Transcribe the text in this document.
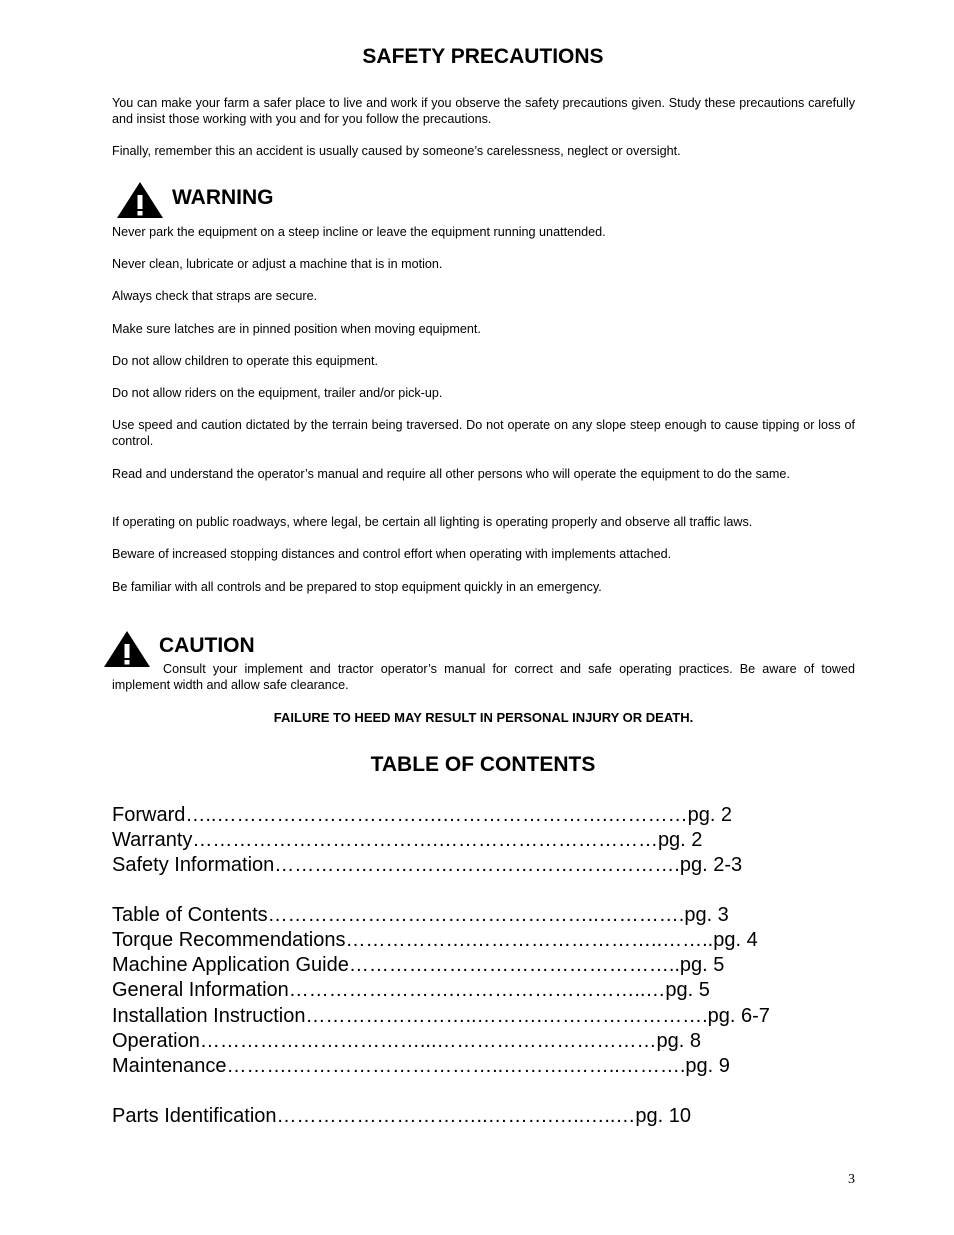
SAFETY PRECAUTIONS
You can make your farm a safer place to live and work if you observe the safety precautions given. Study these precautions carefully and insist those working with you and for you follow the precautions.
Finally, remember this an accident is usually caused by someone’s carelessness, neglect or oversight.
WARNING
Never park the equipment on a steep incline or leave the equipment running unattended.
Never clean, lubricate or adjust a machine that is in motion.
Always check that straps are secure.
Make sure latches are in pinned position when moving equipment.
Do not allow children to operate this equipment.
Do not allow riders on the equipment, trailer and/or pick-up.
Use speed and caution dictated by the terrain being traversed. Do not operate on any slope steep enough to cause tipping or loss of control.
Read and understand the operator’s manual and require all other persons who will operate the equipment to do the same.
If operating on public roadways, where legal, be certain all lighting is operating properly and observe all traffic laws.
Beware of increased stopping distances and control effort when operating with implements attached.
Be familiar with all controls and be prepared to stop equipment quickly in an emergency.
CAUTION
Consult your implement and tractor operator’s manual for correct and safe operating practices. Be aware of towed implement width and allow safe clearance.
FAILURE TO HEED MAY RESULT IN PERSONAL INJURY OR DEATH.
TABLE OF CONTENTS
Forward…..…………………………….…………………….…………pg. 2
Warranty……………………………….……………………………pg. 2
Safety Information…………………………………………………….pg. 2-3
Table of Contents…………………………………………..………….pg. 3
Torque Recommendations……………….………………………..……..pg. 4
Machine Application Guide…………………………………………..pg. 5
General Information…………………….………………………..…pg. 5
Installation Instruction……………………..……….…………………….pg. 6-7
Operation……………………………...……………………………pg. 8
Maintenance……….…………………………..……….……..……….pg. 9
Parts Identification…………………………..……….…..…..…pg. 10
3
